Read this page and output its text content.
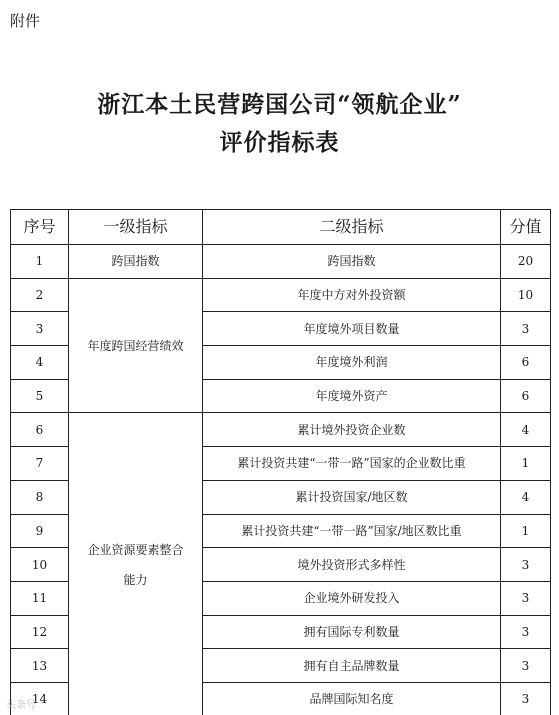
附件
浙江本土民营跨国公司“领航企业”
评价指标表
序号	一级指标	二级指标	分值
1	跨国指数	跨国指数	20
2	年度跨国经营绩效	年度中方对外投资额	10
3		年度境外项目数量	3
4		年度境外利润	6
5		年度境外资产	6
6	企业资源要素整合能力	累计境外投资企业数	4
7		累计投资共建“一带一路”国家的企业数比重	1
8		累计投资国家/地区数	4
9		累计投资共建“一带一路”国家/地区数比重	1
10		境外投资形式多样性	3
11		企业境外研发投入	3
12		拥有国际专利数量	3
13		拥有自主品牌数量	3
14		品牌国际知名度	3
头条号
